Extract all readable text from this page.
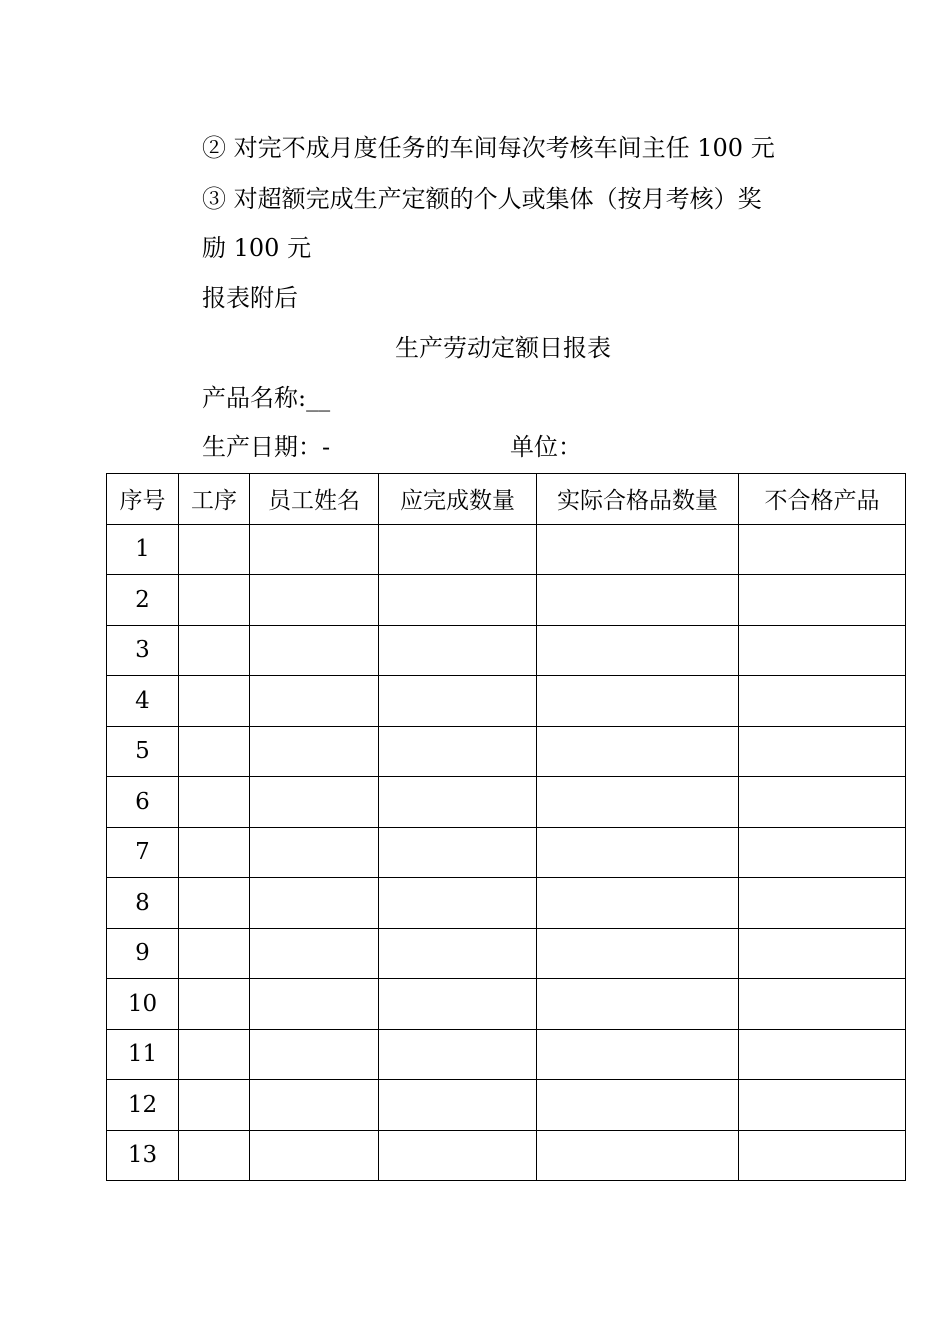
② 对完不成月度任务的车间每次考核车间主任 100 元
③ 对超额完成生产定额的个人或集体（按月考核）奖
励 100 元
报表附后
生产劳动定额日报表
产品名称:__
生产日期：-	单位：
序号	工序	员工姓名	应完成数量	实际合格品数量	不合格产品
1					
2					
3					
4					
5					
6					
7					
8					
9					
10					
11					
12					
13					
